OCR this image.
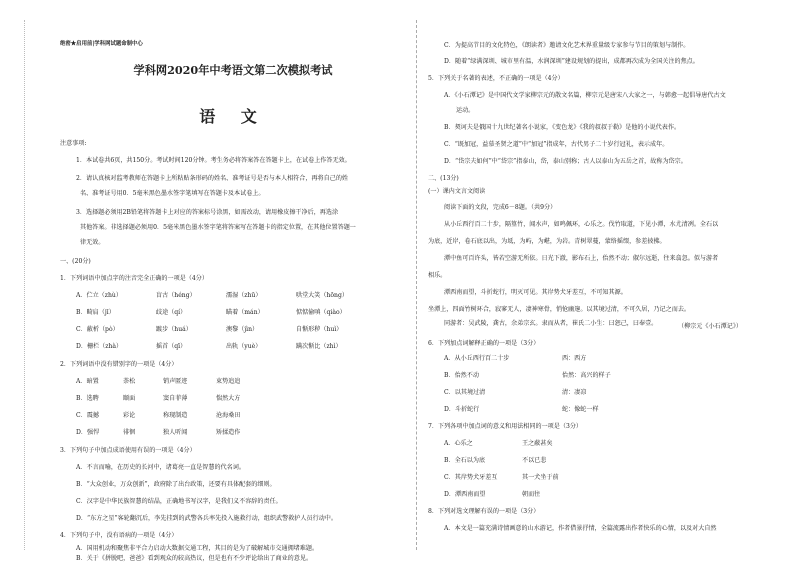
绝密★启用前|学科网试题命制中心
学科网2020年中考语文第二次模拟考试
语 文
注意事项:
1．本试卷共6页，共150分。考试时间120分钟。考生务必将答案答在答题卡上，在试卷上作答无效。
2．请认真核对监考教师在答题卡上所粘贴条形码的姓名、准考证号是否与本人相符合，再将自己的姓
名、准考证号用0．5毫米黑色墨水签字笔填写在答题卡及本试卷上。
3．选择题必须用2B铅笔将答题卡上对应的答案标号涂黑，如需改动，请用橡皮擦干净后，再选涂
其他答案。非选择题必须用0．5毫米黑色墨水签字笔将答案写在答题卡的指定位置，在其他位置答题一
律无效。
一、(20分)
1．下列词语中加点字的注音完全正确的一项是（4分）
A．伫立（zhù）	盲古（héng）	濡湿（zhū）	哄堂大笑（hōng）
B．畸肩（jī）	歧途（qí）	瞄着（mán）	惦惦偷嗔（qiào）
C．蔽析（pò）	踱步（huá）	澳黎（jìn）	自惭形秽（huì）
D．栅栏（zhà）	摇首（qī）	出轨（yuè）	蹒次惭比（zhì）
2．下列词语中没有错别字的一项是（4分）
A．暗置	荼松	销声匿迹	束势追追
B．选聘	颐面	窦自菲薄	惴然大方
C．震撼	彩论	称现制造	沧海桑田
D．强悍	徘徊	独人听闻	矫揉造作
3．下列句子中加点成语使用有误的一项是（4分）
A．不言而喻，在历史的长河中，诸葛亮一直是智慧的代名词。
B．“大众创业，万众创新”，政府除了出台政策，还要有具体配套的细则。
C．汉字是中华民族智慧的结晶，正确地书写汉字，是我们义不容辞的责任。
D．“东方之星”客轮翻沉后，李先挂到的武警各兵率先投入施救行动，组织武警救护人员行动中。
4．下列句子中，没有语病的一项是（4分）
A．国用机动和聚焦非平合力启动大数据交通工程，其目的是为了破解城市交通拥堵难题。
B．关于《拼脱吧，爸爸》看到观众的较高热议，但是也有不少评论给出了商业的意见。
C．为提高节目的文化特色，《朗读者》邀请文化艺术界重量级专家参与节目的策划与制作。
D．随着“绿满深圳、城市里有温，水润深圳”建设规划的提出，成都再次成为全国关注的焦点。
5．下列关于名著的表述，不正确的一项是（4分）
A．《小石潭记》是中国代文学家柳宗元的散文名篇，柳宗元是唐宋八大家之一，与韩愈一起倡导唐代古文
运动。
B．契诃夫是俄国十九世纪著名小说家，《变色龙》《我的叔叔于勒》是他的小说代表作。
C．“既加冠，益慕圣贤之道”中“加冠”指成年，古代男子二十岁行冠礼，表示成年。
D．“岱宗夫如何”中“岱宗”指泰山，岱，泰山别称；古人以泰山为五岳之首，故称为岱宗。
二、(13分)
(一）课内文言文阅读
阅读下面的文段，完成6－8题。（共9分）
从小丘西行百二十步，隔篁竹，闻水声，如鸣佩环，心乐之。伐竹取道，下见小潭，水尤清冽。全石以
为底，近岸，卷石底以出，为坻，为屿，为嵁，为岩。青树翠蔓，蒙络摇缀，参差披拂。
潭中鱼可百许头，皆若空游无所依。日光下澈，影布石上，佁然不动；俶尔远逝，往来翕忽。似与游者
相乐。
潭西南而望，斗折蛇行，明灭可见。其岸势犬牙差互，不可知其源。
坐潭上，四面竹树环合，寂寥无人，凄神寒骨，悄怆幽邃。以其境过清，不可久居，乃记之而去。
同游者：吴武陵，龚古，余弟宗玄。隶而从者，崔氏二小生：曰恕己，曰奉壹。	（柳宗元《小石潭记》）
6．下列加点词解释正确的一项是（3分）
A．从小丘西行百二十步	西：西方
B．佁然不动	佁然：高兴的样子
C．以其境过清	清：凄凉
D．斗折蛇行	蛇：像蛇一样
7．下列各项中加点词的意义和用法相同的一项是（3分）
A．心乐之	王之蔽甚矣
B．全石以为底	不以已悲
C．其岸势犬牙差互	其一犬坐于前
D．潭西南而望	朝而往
8．下列对选文理解有误的一项是（3分）
A．本文是一篇充满诗情画意的山水游记，作者借景抒情，全篇流露出作者快乐的心情，以及对大自然
